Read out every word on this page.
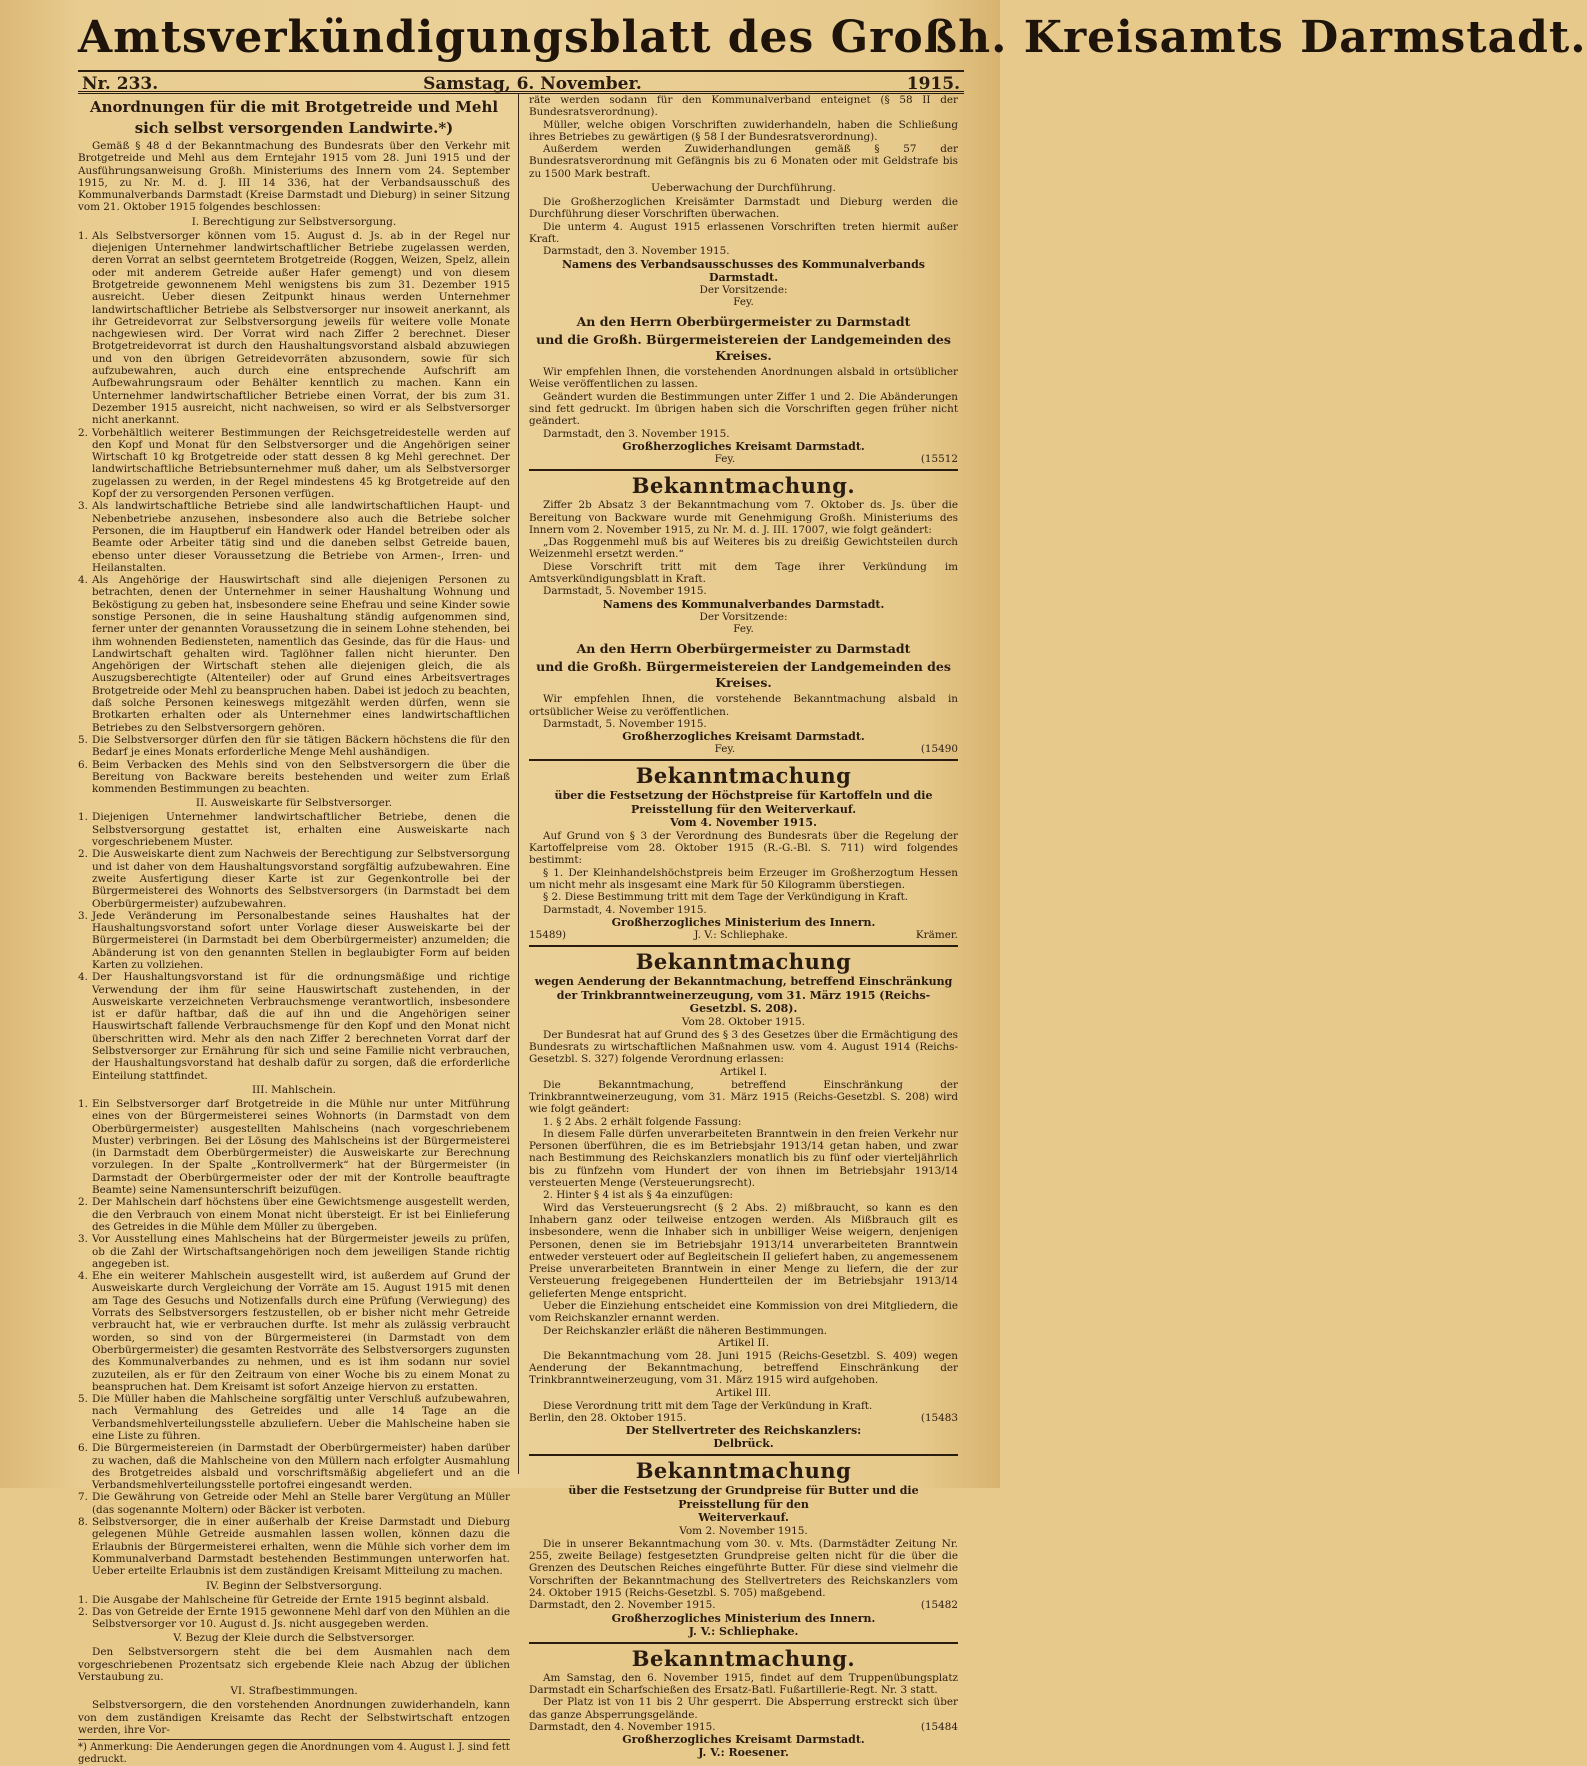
Amtsverkündigungsblatt des Großh. Kreisamts Darmstadt.
Nr. 233.	Samstag, 6. November.	1915.
Anordnungen für die mit Brotgetreide und Mehl
sich selbst versorgenden Landwirte.*)

Gemäß § 48 d der Bekanntmachung des Bundesrats über den Verkehr mit Brotgetreide und Mehl aus dem Erntejahr 1915 vom 28. Juni 1915 und der Ausführungsanweisung Großh. Ministeriums des Innern vom 24. September 1915, zu Nr. M. d. J. III 14 336, hat der Verbandsausschuß des Kommunalverbands Darmstadt (Kreise Darmstadt und Dieburg) in seiner Sitzung vom 21. Oktober 1915 folgendes beschlossen:

I. Berechtigung zur Selbstversorgung.
1. Als Selbstversorger können vom 15. August d. Js. ab in der Regel nur diejenigen Unternehmer landwirtschaftlicher Betriebe zugelassen werden, deren Vorrat an selbst geerntetem Brotgetreide (Roggen, Weizen, Spelz, allein oder mit anderem Getreide außer Hafer gemengt) und von diesem Brotgetreide gewonnenem Mehl wenigstens bis zum 31. Dezember 1915 ausreicht. Ueber diesen Zeitpunkt hinaus werden Unternehmer landwirtschaftlicher Betriebe als Selbstversorger nur insoweit anerkannt, als ihr Getreidevorrat zur Selbstversorgung jeweils für weitere volle Monate nachgewiesen wird. Der Vorrat wird nach Ziffer 2 berechnet. Dieser Brotgetreidevorrat ist durch den Haushaltungsvorstand alsbald abzuwiegen und von den übrigen Getreidevorräten abzusondern, sowie für sich aufzubewahren, auch durch eine entsprechende Aufschrift am Aufbewahrungsraum oder Behälter kenntlich zu machen. Kann ein Unternehmer landwirtschaftlicher Betriebe einen Vorrat, der bis zum 31. Dezember 1915 ausreicht, nicht nachweisen, so wird er als Selbstversorger nicht anerkannt.
2. Vorbehältlich weiterer Bestimmungen der Reichsgetreidestelle werden auf den Kopf und Monat für den Selbstversorger und die Angehörigen seiner Wirtschaft 10 kg Brotgetreide oder statt dessen 8 kg Mehl gerechnet. Der landwirtschaftliche Betriebsunternehmer muß daher, um als Selbstversorger zugelassen zu werden, in der Regel mindestens 45 kg Brotgetreide auf den Kopf der zu versorgenden Personen verfügen.
3. Als landwirtschaftliche Betriebe sind alle landwirtschaftlichen Haupt- und Nebenbetriebe anzusehen, insbesondere also auch die Betriebe solcher Personen, die im Hauptberuf ein Handwerk oder Handel betreiben oder als Beamte oder Arbeiter tätig sind und die daneben selbst Getreide bauen, ebenso unter dieser Voraussetzung die Betriebe von Armen-, Irren- und Heilanstalten.
4. Als Angehörige der Hauswirtschaft sind alle diejenigen Personen zu betrachten, denen der Unternehmer in seiner Haushaltung Wohnung und Beköstigung zu geben hat, insbesondere seine Ehefrau und seine Kinder sowie sonstige Personen, die in seine Haushaltung ständig aufgenommen sind, ferner unter der genannten Voraussetzung die in seinem Lohne stehenden, bei ihm wohnenden Bediensteten, namentlich das Gesinde, das für die Haus- und Landwirtschaft gehalten wird. Taglöhner fallen nicht hierunter. Den Angehörigen der Wirtschaft stehen alle diejenigen gleich, die als Auszugsberechtigte (Altenteiler) oder auf Grund eines Arbeitsvertrages Brotgetreide oder Mehl zu beanspruchen haben. Dabei ist jedoch zu beachten, daß solche Personen keineswegs mitgezählt werden dürfen, wenn sie Brotkarten erhalten oder als Unternehmer eines landwirtschaftlichen Betriebes zu den Selbstversorgern gehören.
5. Die Selbstversorger dürfen den für sie tätigen Bäckern höchstens die für den Bedarf je eines Monats erforderliche Menge Mehl aushändigen.
6. Beim Verbacken des Mehls sind von den Selbstversorgern die über die Bereitung von Backware bereits bestehenden und weiter zum Erlaß kommenden Bestimmungen zu beachten.
II. Ausweiskarte für Selbstversorger.
1. Diejenigen Unternehmer landwirtschaftlicher Betriebe, denen die Selbstversorgung gestattet ist, erhalten eine Ausweiskarte nach vorgeschriebenem Muster.
2. Die Ausweiskarte dient zum Nachweis der Berechtigung zur Selbstversorgung und ist daher von dem Haushaltungsvorstand sorgfältig aufzubewahren. Eine zweite Ausfertigung dieser Karte ist zur Gegenkontrolle bei der Bürgermeisterei des Wohnorts des Selbstversorgers (in Darmstadt bei dem Oberbürgermeister) aufzubewahren.
3. Jede Veränderung im Personalbestande seines Haushaltes hat der Haushaltungsvorstand sofort unter Vorlage dieser Ausweiskarte bei der Bürgermeisterei (in Darmstadt bei dem Oberbürgermeister) anzumelden; die Abänderung ist von den genannten Stellen in beglaubigter Form auf beiden Karten zu vollziehen.
4. Der Haushaltungsvorstand ist für die ordnungsmäßige und richtige Verwendung der ihm für seine Hauswirtschaft zustehenden, in der Ausweiskarte verzeichneten Verbrauchsmenge verantwortlich, insbesondere ist er dafür haftbar, daß die auf ihn und die Angehörigen seiner Hauswirtschaft fallende Verbrauchsmenge für den Kopf und den Monat nicht überschritten wird. Mehr als den nach Ziffer 2 berechneten Vorrat darf der Selbstversorger zur Ernährung für sich und seine Familie nicht verbrauchen, der Haushaltungsvorstand hat deshalb dafür zu sorgen, daß die erforderliche Einteilung stattfindet.
III. Mahlschein.
1. Ein Selbstversorger darf Brotgetreide in die Mühle nur unter Mitführung eines von der Bürgermeisterei seines Wohnorts (in Darmstadt von dem Oberbürgermeister) ausgestellten Mahlscheins (nach vorgeschriebenem Muster) verbringen. Bei der Lösung des Mahlscheins ist der Bürgermeisterei (in Darmstadt dem Oberbürgermeister) die Ausweiskarte zur Berechnung vorzulegen. In der Spalte „Kontrollvermerk“ hat der Bürgermeister (in Darmstadt der Oberbürgermeister oder der mit der Kontrolle beauftragte Beamte) seine Namensunterschrift beizufügen.
2. Der Mahlschein darf höchstens über eine Gewichtsmenge ausgestellt werden, die den Verbrauch von einem Monat nicht übersteigt. Er ist bei Einlieferung des Getreides in die Mühle dem Müller zu übergeben.
3. Vor Ausstellung eines Mahlscheins hat der Bürgermeister jeweils zu prüfen, ob die Zahl der Wirtschaftsangehörigen noch dem jeweiligen Stande richtig angegeben ist.
4. Ehe ein weiterer Mahlschein ausgestellt wird, ist außerdem auf Grund der Ausweiskarte durch Vergleichung der Vorräte am 15. August 1915 mit denen am Tage des Gesuchs und Notizenfalls durch eine Prüfung (Verwiegung) des Vorrats des Selbstversorgers festzustellen, ob er bisher nicht mehr Getreide verbraucht hat, wie er verbrauchen durfte. Ist mehr als zulässig verbraucht worden, so sind von der Bürgermeisterei (in Darmstadt von dem Oberbürgermeister) die gesamten Restvorräte des Selbstversorgers zugunsten des Kommunalverbandes zu nehmen, und es ist ihm sodann nur soviel zuzuteilen, als er für den Zeitraum von einer Woche bis zu einem Monat zu beanspruchen hat. Dem Kreisamt ist sofort Anzeige hiervon zu erstatten.
5. Die Müller haben die Mahlscheine sorgfältig unter Verschluß aufzubewahren, nach Vermahlung des Getreides und alle 14 Tage an die Verbandsmehlverteilungsstelle abzuliefern. Ueber die Mahlscheine haben sie eine Liste zu führen.
6. Die Bürgermeistereien (in Darmstadt der Oberbürgermeister) haben darüber zu wachen, daß die Mahlscheine von den Müllern nach erfolgter Ausmahlung des Brotgetreides alsbald und vorschriftsmäßig abgeliefert und an die Verbandsmehlverteilungsstelle portofrei eingesandt werden.
7. Die Gewährung von Getreide oder Mehl an Stelle barer Vergütung an Müller (das sogenannte Moltern) oder Bäcker ist verboten.
8. Selbstversorger, die in einer außerhalb der Kreise Darmstadt und Dieburg gelegenen Mühle Getreide ausmahlen lassen wollen, können dazu die Erlaubnis der Bürgermeisterei erhalten, wenn die Mühle sich vorher dem im Kommunalverband Darmstadt bestehenden Bestimmungen unterworfen hat. Ueber erteilte Erlaubnis ist dem zuständigen Kreisamt Mitteilung zu machen.
IV. Beginn der Selbstversorgung.
1. Die Ausgabe der Mahlscheine für Getreide der Ernte 1915 beginnt alsbald.
2. Das von Getreide der Ernte 1915 gewonnene Mehl darf von den Mühlen an die Selbstversorger vor 10. August d. Js. nicht ausgegeben werden.
V. Bezug der Kleie durch die Selbstversorger.

Den Selbstversorgern steht die bei dem Ausmahlen nach dem vorgeschriebenen Prozentsatz sich ergebende Kleie nach Abzug der üblichen Verstaubung zu.

VI. Strafbestimmungen.

Selbstversorgern, die den vorstehenden Anordnungen zuwiderhandeln, kann von dem zuständigen Kreisamte das Recht der Selbstwirtschaft entzogen werden, ihre Vor-

*) Anmerkung: Die Aenderungen gegen die Anordnungen vom 4. August l. J. sind fett gedruckt.

räte werden sodann für den Kommunalverband enteignet (§ 58 II der Bundesratsverordnung).

Müller, welche obigen Vorschriften zuwiderhandeln, haben die Schließung ihres Betriebes zu gewärtigen (§ 58 I der Bundesratsverordnung).

Außerdem werden Zuwiderhandlungen gemäß § 57 der Bundesratsverordnung mit Gefängnis bis zu 6 Monaten oder mit Geldstrafe bis zu 1500 Mark bestraft.

Ueberwachung der Durchführung.

Die Großherzoglichen Kreisämter Darmstadt und Dieburg werden die Durchführung dieser Vorschriften überwachen.

Die unterm 4. August 1915 erlassenen Vorschriften treten hiermit außer Kraft.

Darmstadt, den 3. November 1915.

Namens des Verbandsausschusses des Kommunalverbands Darmstadt.
Der Vorsitzende:
Fey.
An den Herrn Oberbürgermeister zu Darmstadt
und die Großh. Bürgermeistereien der Landgemeinden des Kreises.

Wir empfehlen Ihnen, die vorstehenden Anordnungen alsbald in ortsüblicher Weise veröffentlichen zu lassen.

Geändert wurden die Bestimmungen unter Ziffer 1 und 2. Die Abänderungen sind fett gedruckt. Im übrigen haben sich die Vorschriften gegen früher nicht geändert.

Darmstadt, den 3. November 1915.

Großherzogliches Kreisamt Darmstadt.
Fey.	(15512
Bekanntmachung.

Ziffer 2b Absatz 3 der Bekanntmachung vom 7. Oktober ds. Js. über die Bereitung von Backware wurde mit Genehmigung Großh. Ministeriums des Innern vom 2. November 1915, zu Nr. M. d. J. III. 17007, wie folgt geändert:

„Das Roggenmehl muß bis auf Weiteres bis zu dreißig Gewichtsteilen durch Weizenmehl ersetzt werden.“

Diese Vorschrift tritt mit dem Tage ihrer Verkündung im Amtsverkündigungsblatt in Kraft.

Darmstadt, 5. November 1915.

Namens des Kommunalverbandes Darmstadt.
Der Vorsitzende:
Fey.
An den Herrn Oberbürgermeister zu Darmstadt
und die Großh. Bürgermeistereien der Landgemeinden des Kreises.

Wir empfehlen Ihnen, die vorstehende Bekanntmachung alsbald in ortsüblicher Weise zu veröffentlichen.

Darmstadt, 5. November 1915.

Großherzogliches Kreisamt Darmstadt.
Fey.	(15490
Bekanntmachung
über die Festsetzung der Höchstpreise für Kartoffeln und die
Preisstellung für den Weiterverkauf.
Vom 4. November 1915.

Auf Grund von § 3 der Verordnung des Bundesrats über die Regelung der Kartoffelpreise vom 28. Oktober 1915 (R.-G.-Bl. S. 711) wird folgendes bestimmt:

§ 1. Der Kleinhandelshöchstpreis beim Erzeuger im Großherzogtum Hessen um nicht mehr als insgesamt eine Mark für 50 Kilogramm überstiegen.

§ 2. Diese Bestimmung tritt mit dem Tage der Verkündigung in Kraft.

Darmstadt, 4. November 1915.

Großherzogliches Ministerium des Innern.
15489)	J. V.: Schliephake.	Krämer.
Bekanntmachung
wegen Aenderung der Bekanntmachung, betreffend Einschränkung der Trinkbranntweinerzeugung, vom 31. März 1915 (Reichs-Gesetzbl. S. 208).
Vom 28. Oktober 1915.

Der Bundesrat hat auf Grund des § 3 des Gesetzes über die Ermächtigung des Bundesrats zu wirtschaftlichen Maßnahmen usw. vom 4. August 1914 (Reichs-Gesetzbl. S. 327) folgende Verordnung erlassen:

Artikel I.

Die Bekanntmachung, betreffend Einschränkung der Trinkbranntweinerzeugung, vom 31. März 1915 (Reichs-Gesetzbl. S. 208) wird wie folgt geändert:

1. § 2 Abs. 2 erhält folgende Fassung:

In diesem Falle dürfen unverarbeiteten Branntwein in den freien Verkehr nur Personen überführen, die es im Betriebsjahr 1913/14 getan haben, und zwar nach Bestimmung des Reichskanzlers monatlich bis zu fünf oder vierteljährlich bis zu fünfzehn vom Hundert der von ihnen im Betriebsjahr 1913/14 versteuerten Menge (Versteuerungsrecht).

2. Hinter § 4 ist als § 4a einzufügen:

Wird das Versteuerungsrecht (§ 2 Abs. 2) mißbraucht, so kann es den Inhabern ganz oder teilweise entzogen werden. Als Mißbrauch gilt es insbesondere, wenn die Inhaber sich in unbilliger Weise weigern, denjenigen Personen, denen sie im Betriebsjahr 1913/14 unverarbeiteten Branntwein entweder versteuert oder auf Begleitschein II geliefert haben, zu angemessenem Preise unverarbeiteten Branntwein in einer Menge zu liefern, die der zur Versteuerung freigegebenen Hundertteilen der im Betriebsjahr 1913/14 gelieferten Menge entspricht.

Ueber die Einziehung entscheidet eine Kommission von drei Mitgliedern, die vom Reichskanzler ernannt werden.

Der Reichskanzler erläßt die näheren Bestimmungen.

Artikel II.

Die Bekanntmachung vom 28. Juni 1915 (Reichs-Gesetzbl. S. 409) wegen Aenderung der Bekanntmachung, betreffend Einschränkung der Trinkbranntweinerzeugung, vom 31. März 1915 wird aufgehoben.

Artikel III.

Diese Verordnung tritt mit dem Tage der Verkündung in Kraft.

Berlin, den 28. Oktober 1915.	(15483
Der Stellvertreter des Reichskanzlers:
Delbrück.
Bekanntmachung
über die Festsetzung der Grundpreise für Butter und die Preisstellung für den
Weiterverkauf.
Vom 2. November 1915.

Die in unserer Bekanntmachung vom 30. v. Mts. (Darmstädter Zeitung Nr. 255, zweite Beilage) festgesetzten Grundpreise gelten nicht für die über die Grenzen des Deutschen Reiches eingeführte Butter. Für diese sind vielmehr die Vorschriften der Bekanntmachung des Stellvertreters des Reichskanzlers vom 24. Oktober 1915 (Reichs-Gesetzbl. S. 705) maßgebend.

Darmstadt, den 2. November 1915.	(15482
Großherzogliches Ministerium des Innern.
J. V.: Schliephake.
Bekanntmachung.

Am Samstag, den 6. November 1915, findet auf dem Truppenübungsplatz Darmstadt ein Scharfschießen des Ersatz-Batl. Fußartillerie-Regt. Nr. 3 statt.

Der Platz ist von 11 bis 2 Uhr gesperrt. Die Absperrung erstreckt sich über das ganze Absperrungsgelände.

Darmstadt, den 4. November 1915.	(15484
Großherzogliches Kreisamt Darmstadt.
J. V.: Roesener.
